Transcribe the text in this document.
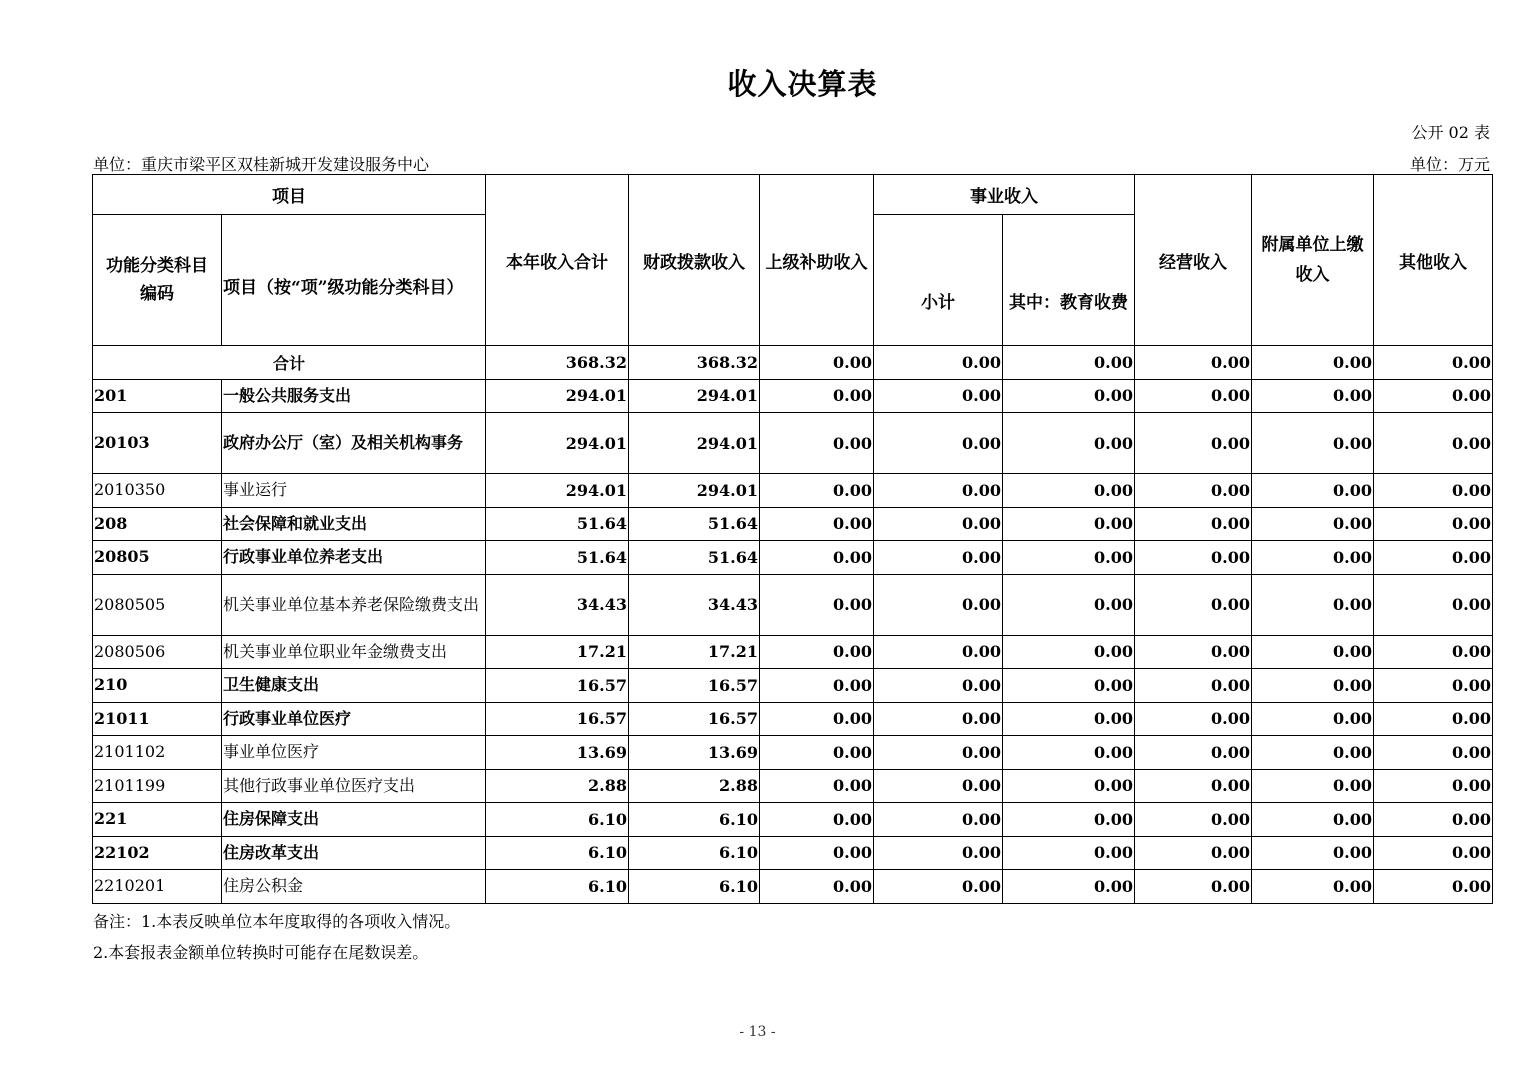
收入决算表
公开 02 表
单位：重庆市梁平区双桂新城开发建设服务中心	单位：万元
项目		本年收入合计	财政拨款收入	上级补助收入	事业收入		经营收入	附属单位上缴收入	其他收入
功能分类科目编码	项目（按“项”级功能分类科目）				小计	其中：教育收费			
合计		368.32	368.32	0.00	0.00	0.00	0.00	0.00	0.00
201	一般公共服务支出	294.01	294.01	0.00	0.00	0.00	0.00	0.00	0.00
20103	政府办公厅（室）及相关机构事务	294.01	294.01	0.00	0.00	0.00	0.00	0.00	0.00
2010350	事业运行	294.01	294.01	0.00	0.00	0.00	0.00	0.00	0.00
208	社会保障和就业支出	51.64	51.64	0.00	0.00	0.00	0.00	0.00	0.00
20805	行政事业单位养老支出	51.64	51.64	0.00	0.00	0.00	0.00	0.00	0.00
2080505	机关事业单位基本养老保险缴费支出	34.43	34.43	0.00	0.00	0.00	0.00	0.00	0.00
2080506	机关事业单位职业年金缴费支出	17.21	17.21	0.00	0.00	0.00	0.00	0.00	0.00
210	卫生健康支出	16.57	16.57	0.00	0.00	0.00	0.00	0.00	0.00
21011	行政事业单位医疗	16.57	16.57	0.00	0.00	0.00	0.00	0.00	0.00
2101102	事业单位医疗	13.69	13.69	0.00	0.00	0.00	0.00	0.00	0.00
2101199	其他行政事业单位医疗支出	2.88	2.88	0.00	0.00	0.00	0.00	0.00	0.00
221	住房保障支出	6.10	6.10	0.00	0.00	0.00	0.00	0.00	0.00
22102	住房改革支出	6.10	6.10	0.00	0.00	0.00	0.00	0.00	0.00
2210201	住房公积金	6.10	6.10	0.00	0.00	0.00	0.00	0.00	0.00
备注：1.本表反映单位本年度取得的各项收入情况。
2.本套报表金额单位转换时可能存在尾数误差。
- 13 -
